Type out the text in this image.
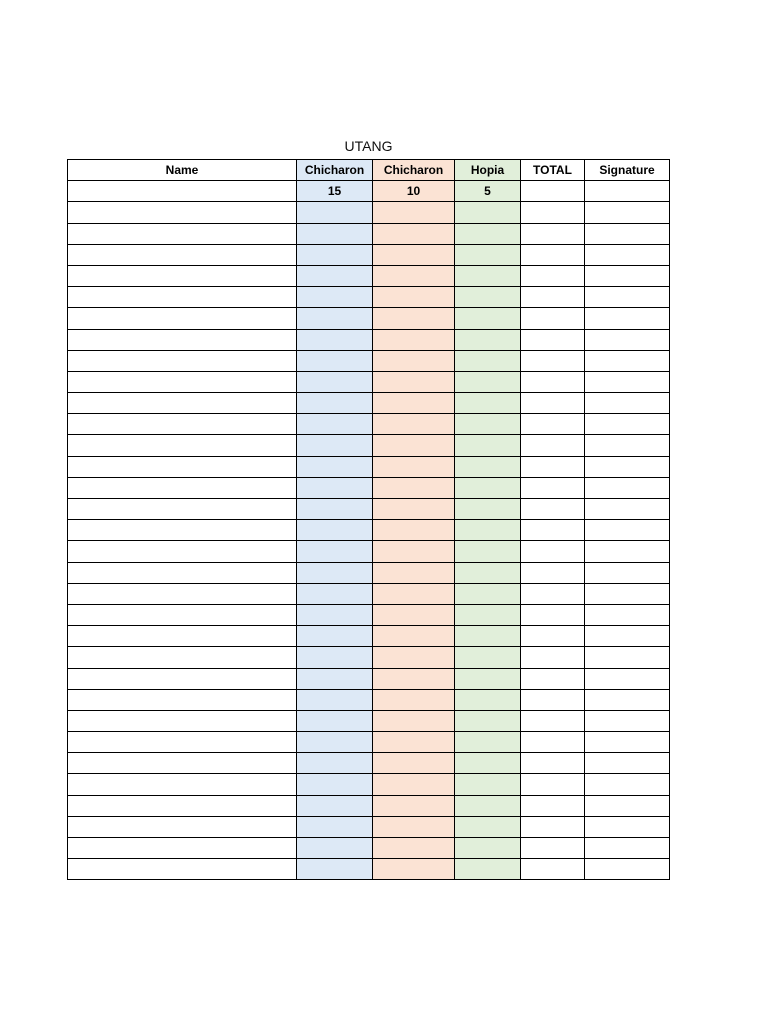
UTANG
Name	Chicharon	Chicharon	Hopia	TOTAL	Signature
	15	10	5		
